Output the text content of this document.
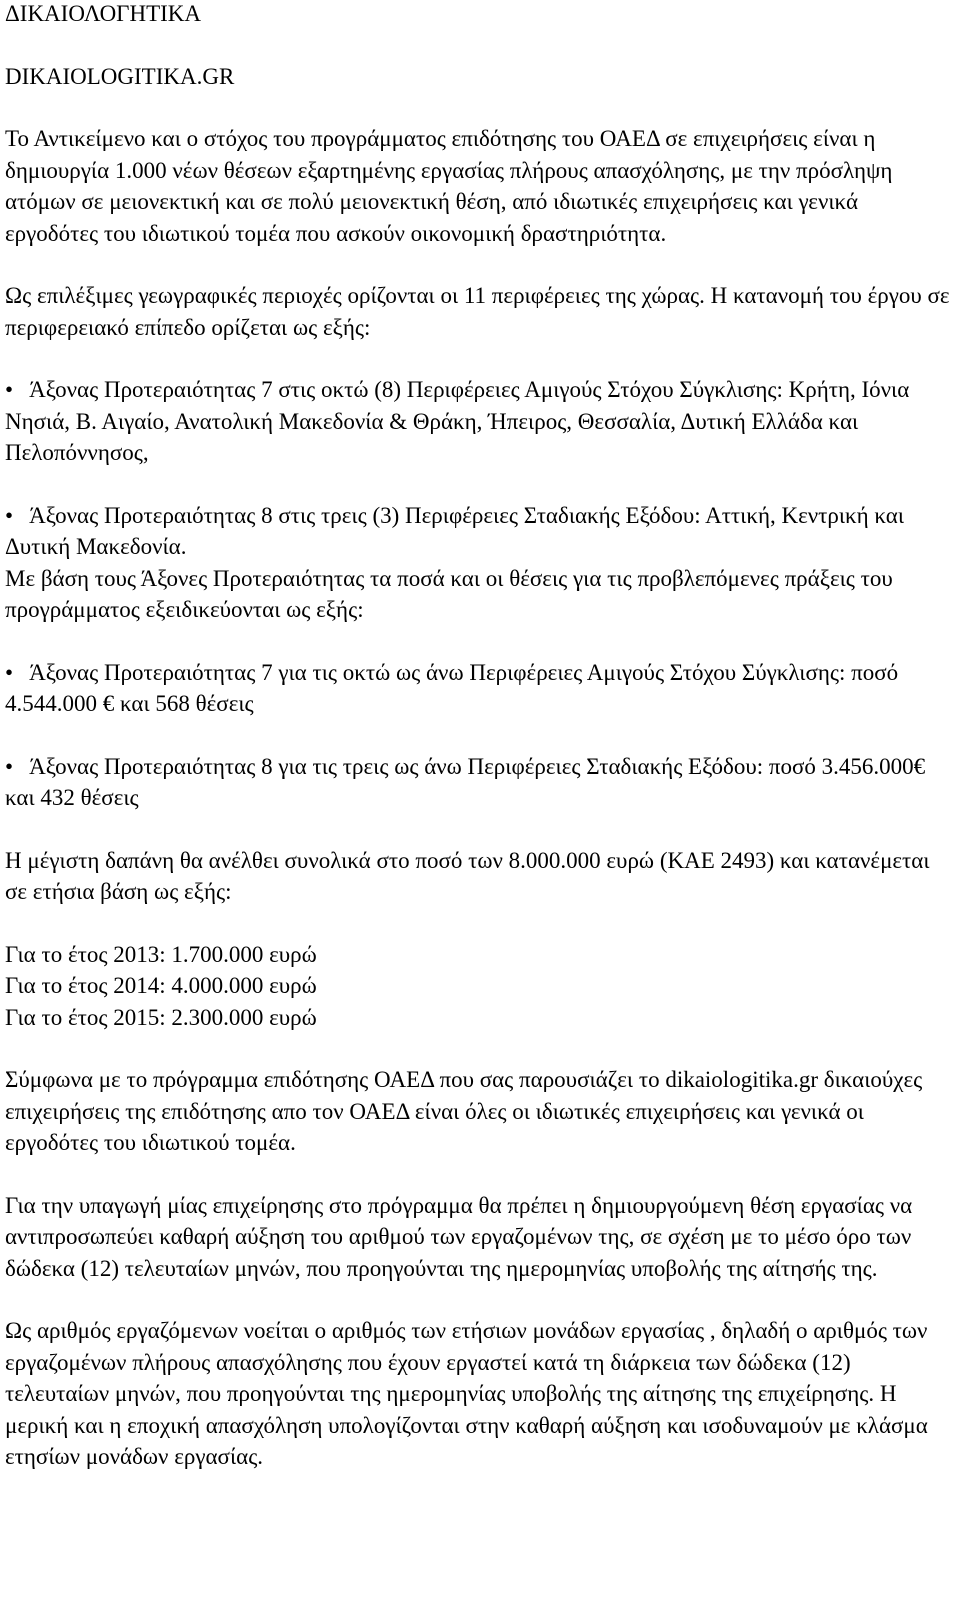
ΔΙΚΑΙΟΛΟΓΗΤΙΚΑ

DIKAIOLOGITIKA.GR

Το Αντικείμενο και ο στόχος του προγράμματος επιδότησης του ΟΑΕΔ σε επιχειρήσεις είναι η δημιουργία 1.000 νέων θέσεων εξαρτημένης εργασίας πλήρους απασχόλησης, με την πρόσληψη ατόμων σε μειονεκτική και σε πολύ μειονεκτική θέση, από ιδιωτικές επιχειρήσεις και γενικά εργοδότες του ιδιωτικού τομέα που ασκούν οικονομική δραστηριότητα.

Ως επιλέξιμες γεωγραφικές περιοχές ορίζονται οι 11 περιφέρειες της χώρας. Η κατανομή του έργου σε περιφερειακό επίπεδο ορίζεται ως εξής:

• Άξονας Προτεραιότητας 7 στις οκτώ (8) Περιφέρειες Αμιγούς Στόχου Σύγκλισης: Κρήτη, Ιόνια Νησιά, Β. Αιγαίο, Ανατολική Μακεδονία & Θράκη, Ήπειρος, Θεσσαλία, Δυτική Ελλάδα και Πελοπόννησος,

• Άξονας Προτεραιότητας 8 στις τρεις (3) Περιφέρειες Σταδιακής Εξόδου: Αττική, Κεντρική και Δυτική Μακεδονία.

Με βάση τους Άξονες Προτεραιότητας τα ποσά και οι θέσεις για τις προβλεπόμενες πράξεις του προγράμματος εξειδικεύονται ως εξής:

• Άξονας Προτεραιότητας 7 για τις οκτώ ως άνω Περιφέρειες Αμιγούς Στόχου Σύγκλισης: ποσό 4.544.000 € και 568 θέσεις

• Άξονας Προτεραιότητας 8 για τις τρεις ως άνω Περιφέρειες Σταδιακής Εξόδου: ποσό 3.456.000€ και 432 θέσεις

Η μέγιστη δαπάνη θα ανέλθει συνολικά στο ποσό των 8.000.000 ευρώ (ΚΑΕ 2493) και κατανέμεται σε ετήσια βάση ως εξής:

Για το έτος 2013: 1.700.000 ευρώ

Για το έτος 2014: 4.000.000 ευρώ

Για το έτος 2015: 2.300.000 ευρώ

Σύμφωνα με το πρόγραμμα επιδότησης ΟΑΕΔ που σας παρουσιάζει το dikaiologitika.gr δικαιούχες επιχειρήσεις της επιδότησης απο τον ΟΑΕΔ είναι όλες οι ιδιωτικές επιχειρήσεις και γενικά οι εργοδότες του ιδιωτικού τομέα.

Για την υπαγωγή μίας επιχείρησης στο πρόγραμμα θα πρέπει η δημιουργούμενη θέση εργασίας να αντιπροσωπεύει καθαρή αύξηση του αριθμού των εργαζομένων της, σε σχέση με το μέσο όρο των δώδεκα (12) τελευταίων μηνών, που προηγούνται της ημερομηνίας υποβολής της αίτησής της.

Ως αριθμός εργαζόμενων νοείται ο αριθμός των ετήσιων μονάδων εργασίας , δηλαδή ο αριθμός των εργαζομένων πλήρους απασχόλησης που έχουν εργαστεί κατά τη διάρκεια των δώδεκα (12) τελευταίων μηνών, που προηγούνται της ημερομηνίας υποβολής της αίτησης της επιχείρησης. Η μερική και η εποχική απασχόληση υπολογίζονται στην καθαρή αύξηση και ισοδυναμούν με κλάσμα ετησίων μονάδων εργασίας.
